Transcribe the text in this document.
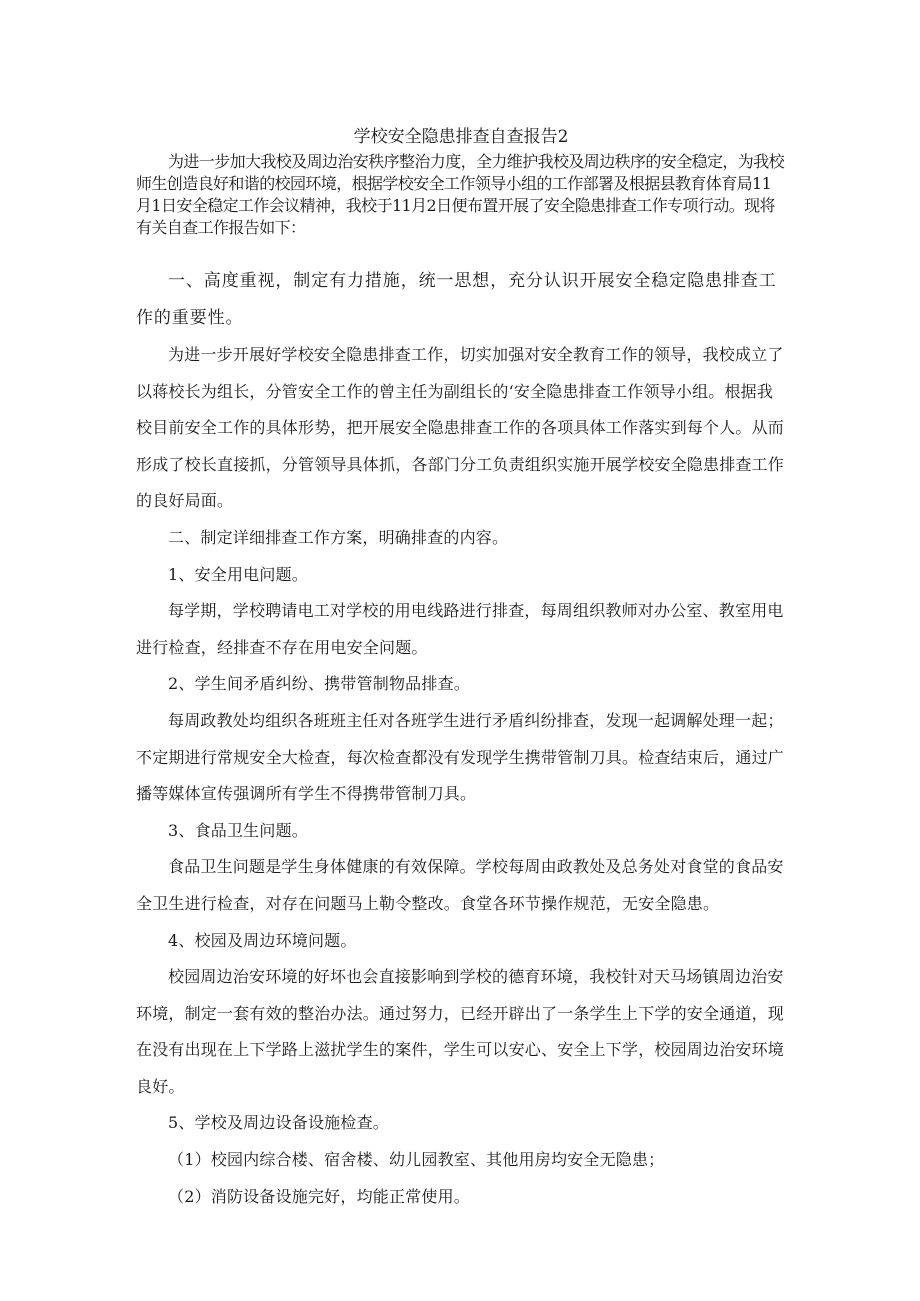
学校安全隐患排查自查报告2

为进一步加大我校及周边治安秩序整治力度，全力维护我校及周边秩序的安全稳定，为我校师生创造良好和谐的校园环境，根据学校安全工作领导小组的工作部署及根据县教育体育局11月1日安全稳定工作会议精神，我校于11月2日便布置开展了安全隐患排查工作专项行动。现将有关自查工作报告如下：

一、高度重视，制定有力措施，统一思想，充分认识开展安全稳定隐患排查工作的重要性。

为进一步开展好学校安全隐患排查工作，切实加强对安全教育工作的领导，我校成立了以蒋校长为组长，分管安全工作的曾主任为副组长的‘安全隐患排查工作领导小组。根据我校目前安全工作的具体形势，把开展安全隐患排查工作的各项具体工作落实到每个人。从而形成了校长直接抓，分管领导具体抓，各部门分工负责组织实施开展学校安全隐患排查工作的良好局面。

二、制定详细排查工作方案，明确排查的内容。

1、安全用电问题。

每学期，学校聘请电工对学校的用电线路进行排查，每周组织教师对办公室、教室用电进行检查，经排查不存在用电安全问题。

2、学生间矛盾纠纷、携带管制物品排查。

每周政教处均组织各班班主任对各班学生进行矛盾纠纷排查，发现一起调解处理一起；不定期进行常规安全大检查，每次检查都没有发现学生携带管制刀具。检查结束后，通过广播等媒体宣传强调所有学生不得携带管制刀具。

3、食品卫生问题。

食品卫生问题是学生身体健康的有效保障。学校每周由政教处及总务处对食堂的食品安全卫生进行检查，对存在问题马上勒令整改。食堂各环节操作规范，无安全隐患。

4、校园及周边环境问题。

校园周边治安环境的好坏也会直接影响到学校的德育环境，我校针对天马场镇周边治安环境，制定一套有效的整治办法。通过努力，已经开辟出了一条学生上下学的安全通道，现在没有出现在上下学路上滋扰学生的案件，学生可以安心、安全上下学，校园周边治安环境良好。

5、学校及周边设备设施检查。

（1）校园内综合楼、宿舍楼、幼儿园教室、其他用房均安全无隐患；

（2）消防设备设施完好，均能正常使用。
